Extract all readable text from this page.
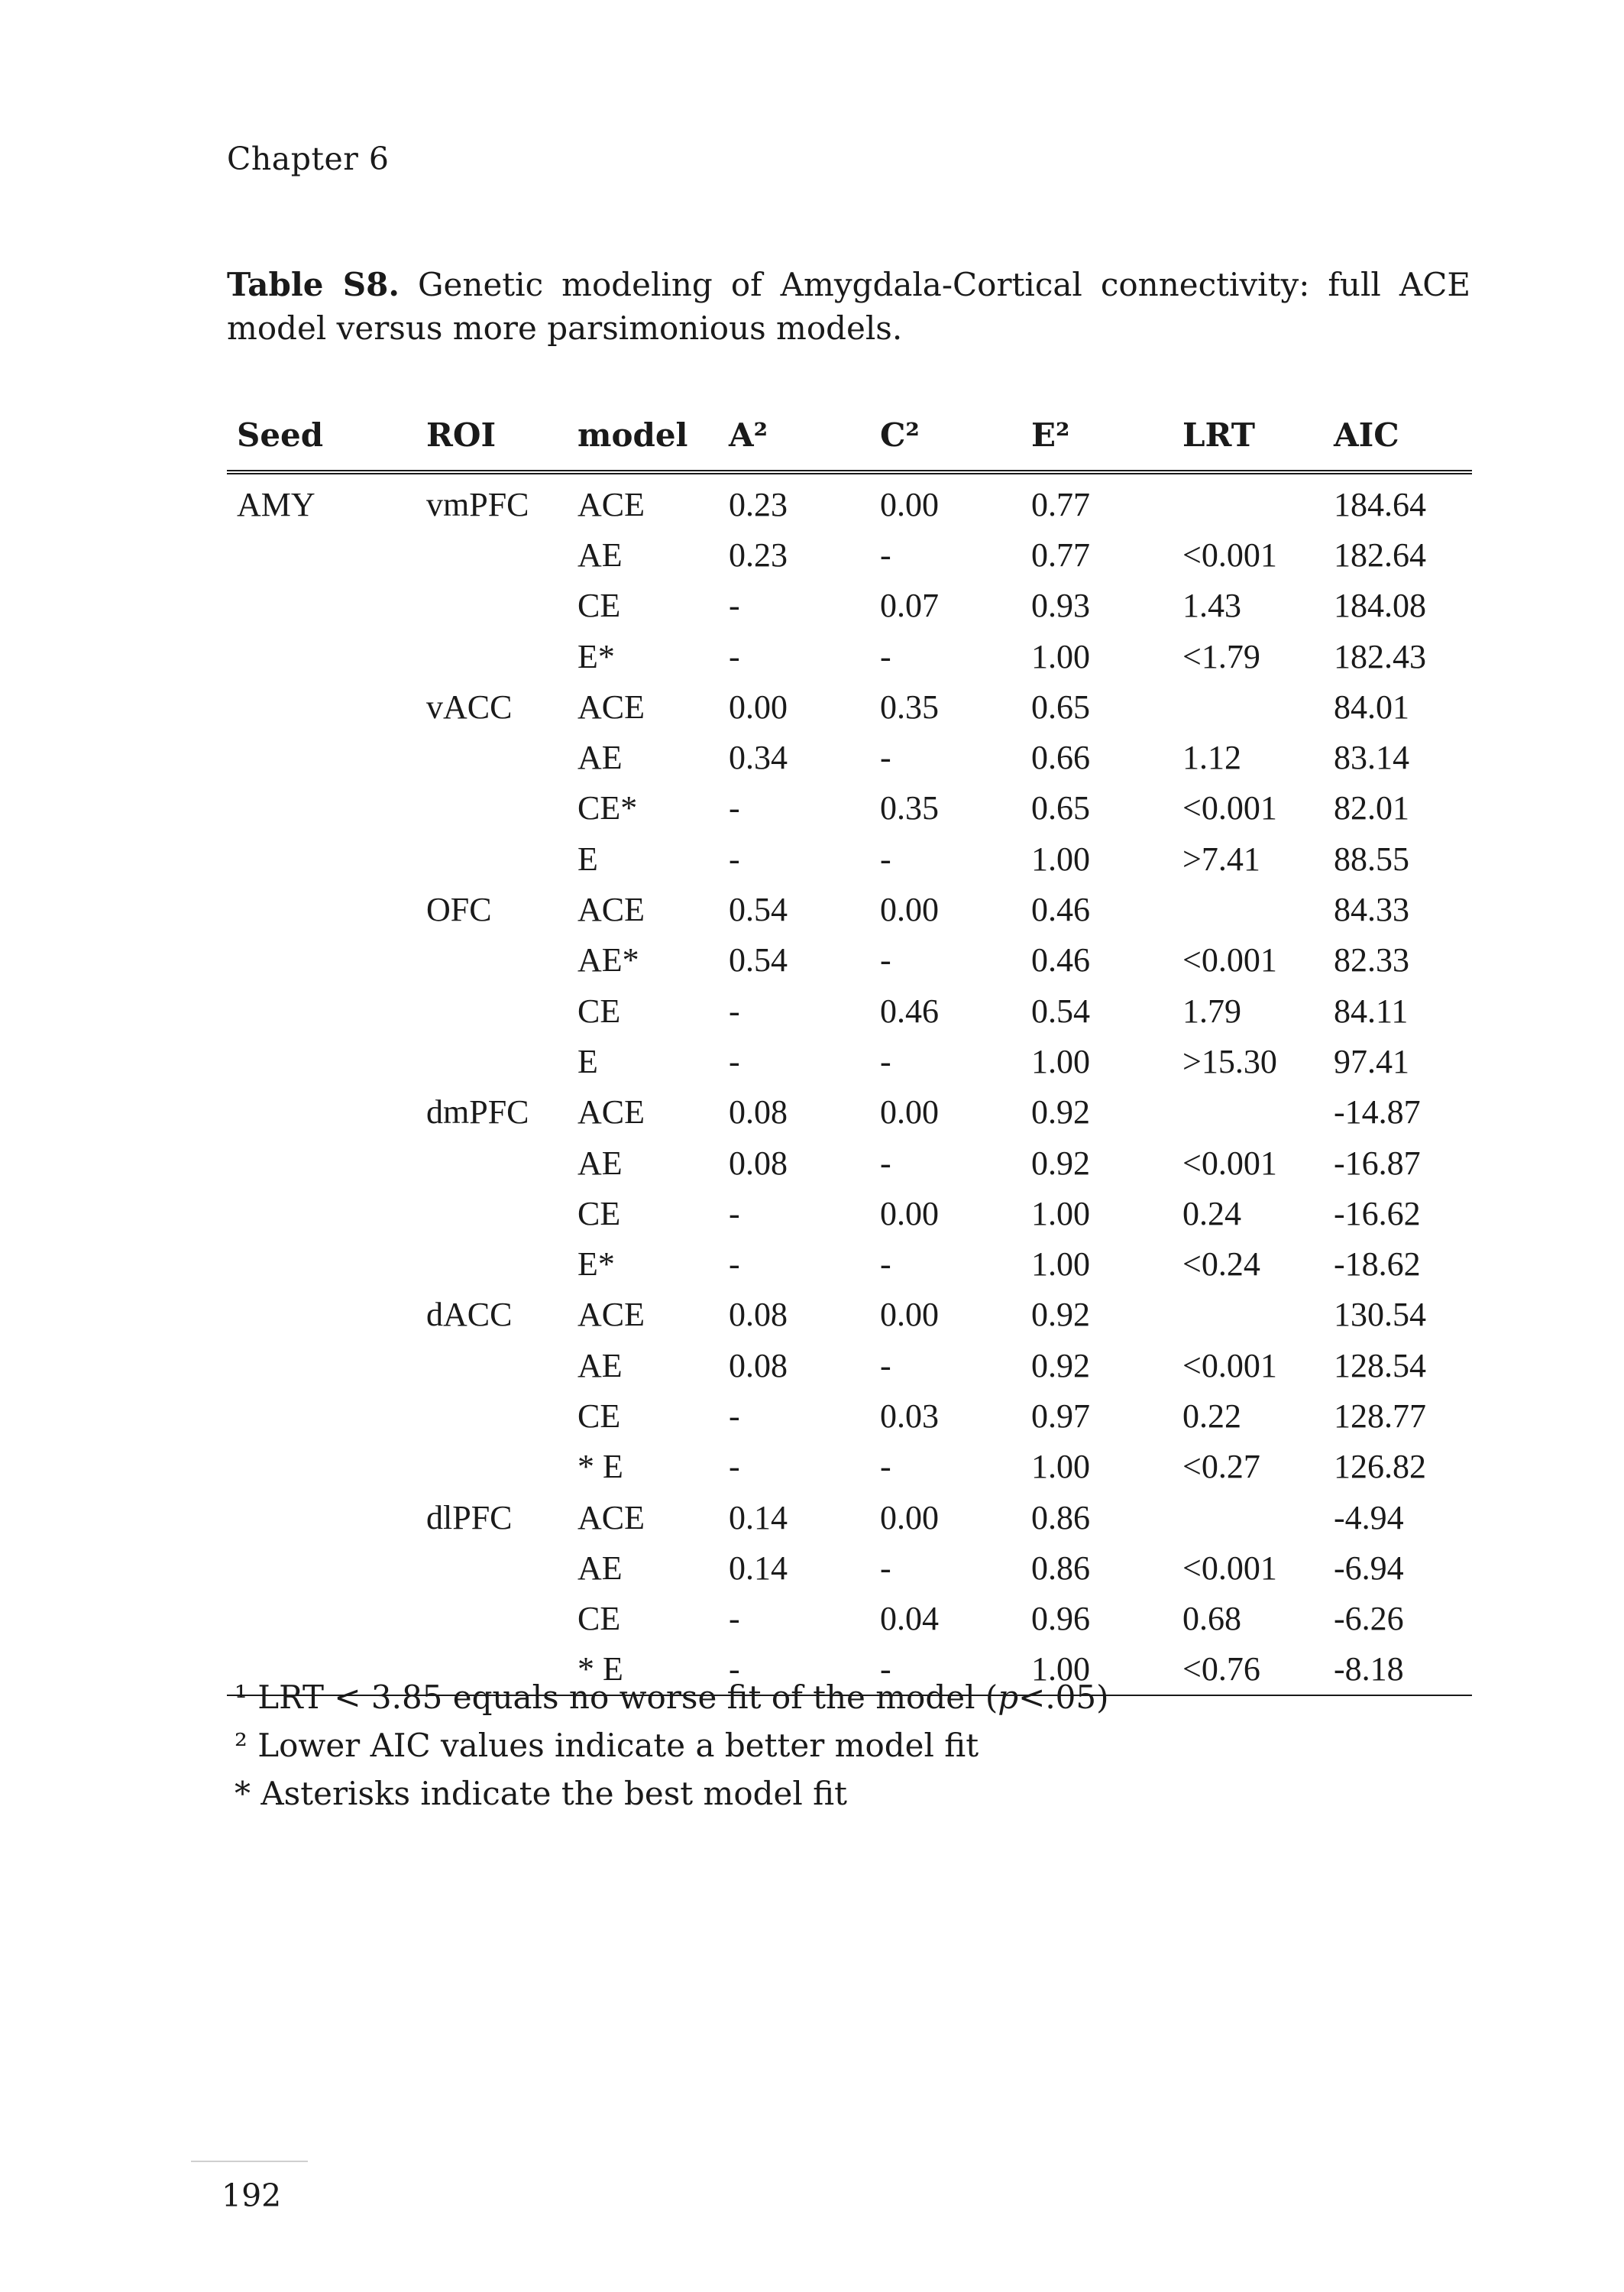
Chapter 6
Table S8. Genetic modeling of Amygdala-Cortical connectivity: full ACE model versus more parsimonious models.
Seed	ROI	model	A²	C²	E²	LRT	AIC
AMY	vmPFC	ACE	0.23	0.00	0.77		184.64
		AE	0.23	-	0.77	<0.001	182.64
		CE	-	0.07	0.93	1.43	184.08
		E*	-	-	1.00	<1.79	182.43
	vACC	ACE	0.00	0.35	0.65		84.01
		AE	0.34	-	0.66	1.12	83.14
		CE*	-	0.35	0.65	<0.001	82.01
		E	-	-	1.00	>7.41	88.55
	OFC	ACE	0.54	0.00	0.46		84.33
		AE*	0.54	-	0.46	<0.001	82.33
		CE	-	0.46	0.54	1.79	84.11
		E	-	-	1.00	>15.30	97.41
	dmPFC	ACE	0.08	0.00	0.92		-14.87
		AE	0.08	-	0.92	<0.001	-16.87
		CE	-	0.00	1.00	0.24	-16.62
		E*	-	-	1.00	<0.24	-18.62
	dACC	ACE	0.08	0.00	0.92		130.54
		AE	0.08	-	0.92	<0.001	128.54
		CE	-	0.03	0.97	0.22	128.77
		* E	-	-	1.00	<0.27	126.82
	dlPFC	ACE	0.14	0.00	0.86		-4.94
		AE	0.14	-	0.86	<0.001	-6.94
		CE	-	0.04	0.96	0.68	-6.26
		* E	-	-	1.00	<0.76	-8.18
¹ LRT < 3.85 equals no worse fit of the model (p<.05)
² Lower AIC values indicate a better model fit
* Asterisks indicate the best model fit
192
